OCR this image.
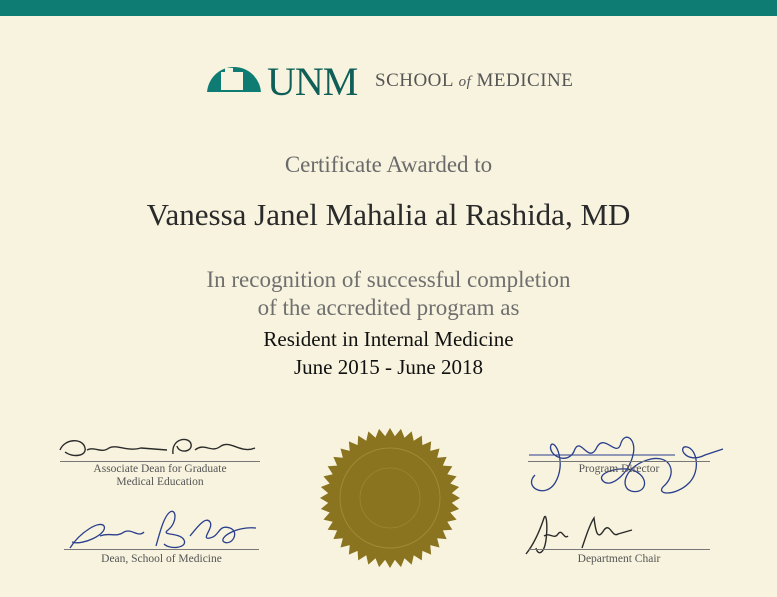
UNM SCHOOL of MEDICINE
Certificate Awarded to
Vanessa Janel Mahalia al Rashida, MD
In recognition of successful completion
of the accredited program as
Resident in Internal Medicine
June 2015 - June 2018
Associate Dean for Graduate
Medical Education
Program Director
Dean, School of Medicine	Department Chair
